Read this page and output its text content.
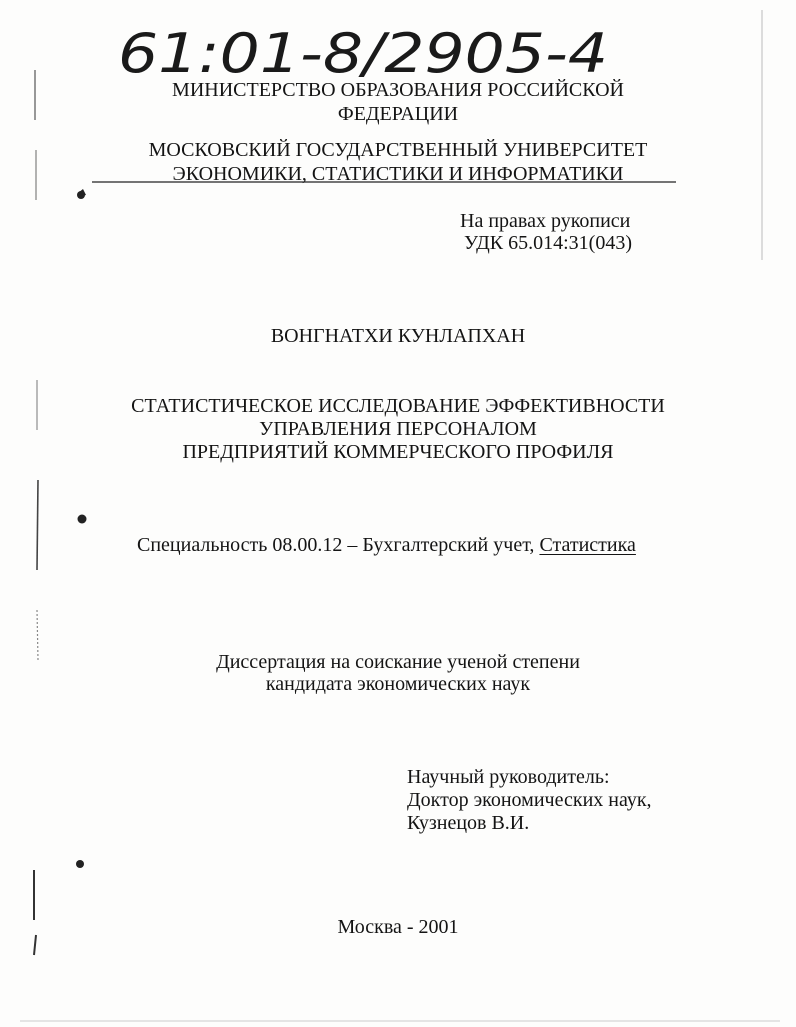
61:01-8/2905-4
МИНИСТЕРСТВО ОБРАЗОВАНИЯ РОССИЙСКОЙ
ФЕДЕРАЦИИ
МОСКОВСКИЙ ГОСУДАРСТВЕННЫЙ УНИВЕРСИТЕТ
ЭКОНОМИКИ, СТАТИСТИКИ И ИНФОРМАТИКИ
На правах рукописи
УДК 65.014:31(043)
ВОНГНАТХИ КУНЛАПХАН
СТАТИСТИЧЕСКОЕ ИССЛЕДОВАНИЕ ЭФФЕКТИВНОСТИ
УПРАВЛЕНИЯ ПЕРСОНАЛОМ
ПРЕДПРИЯТИЙ КОММЕРЧЕСКОГО ПРОФИЛЯ
Специальность 08.00.12 – Бухгалтерский учет, Статистика
Диссертация на соискание ученой степени
кандидата экономических наук
Научный руководитель:
Доктор экономических наук,
Кузнецов В.И.
Москва - 2001
